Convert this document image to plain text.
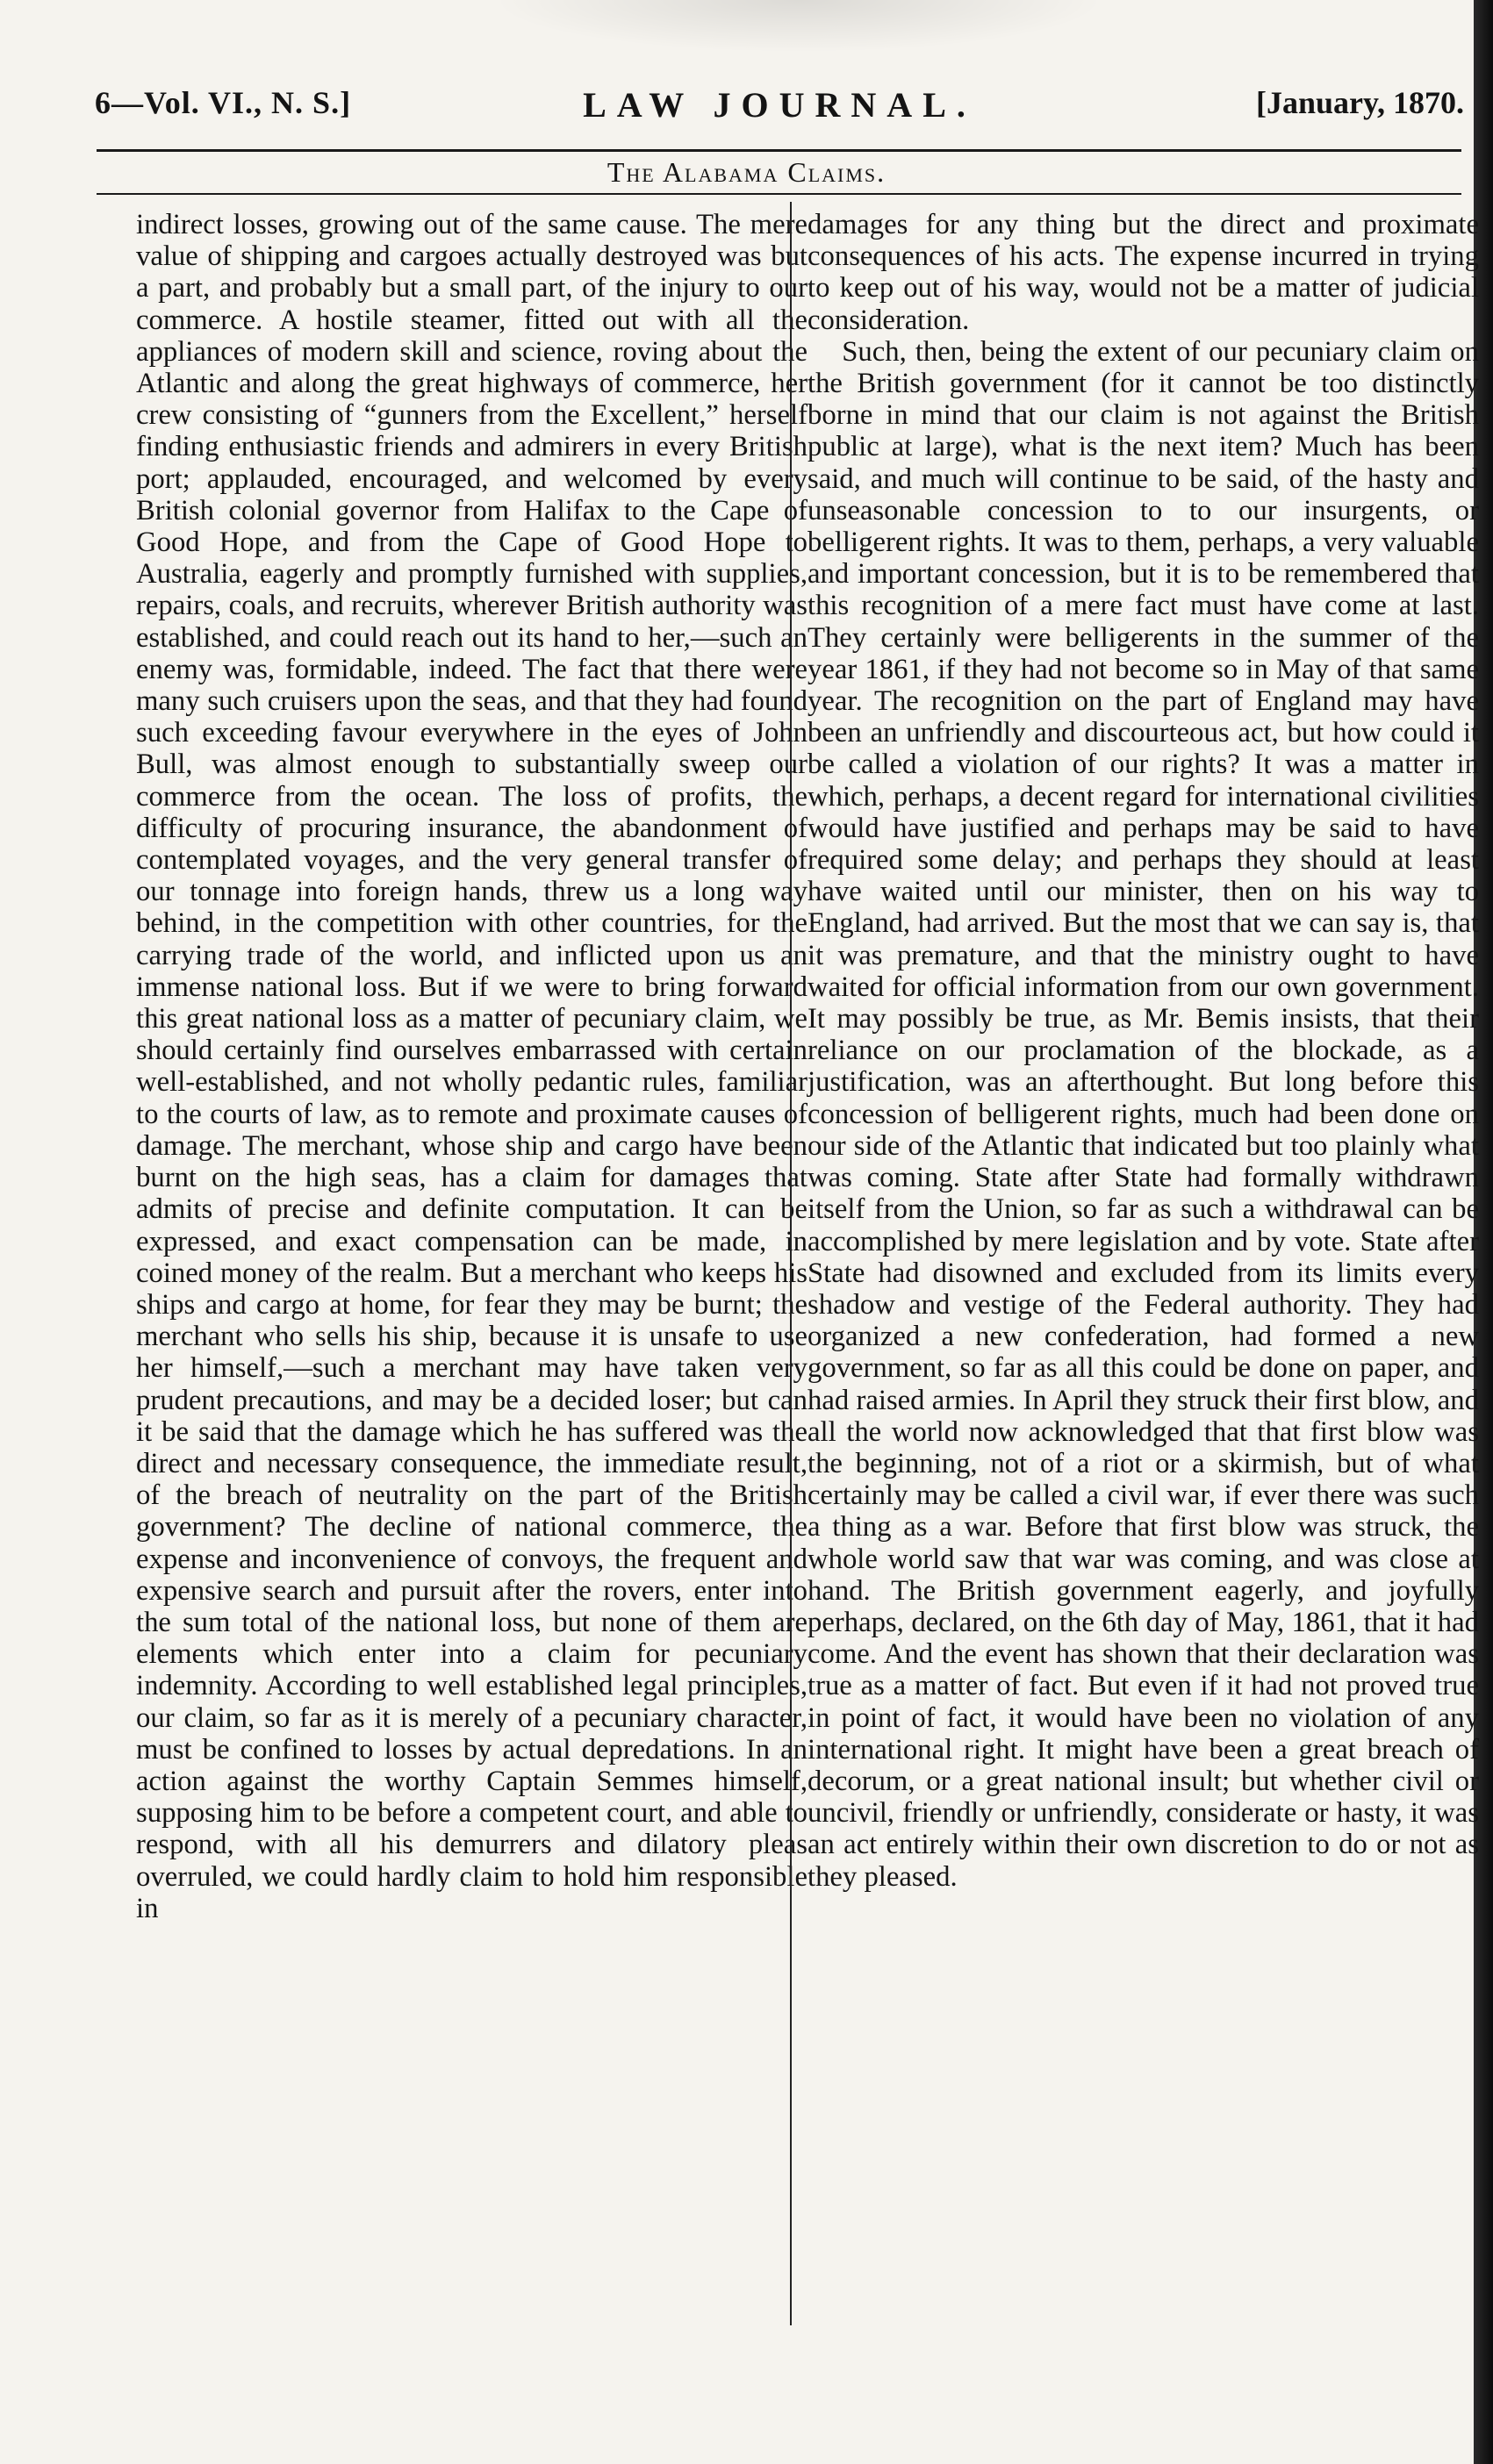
6—Vol. VI., N. S.]	LAW JOURNAL.	[January, 1870.
The Alabama Claims.

indirect losses, growing out of the same cause. The mere value of shipping and cargoes actually destroyed was but a part, and probably but a small part, of the injury to our commerce. A hostile steamer, fitted out with all the appliances of modern skill and science, roving about the Atlantic and along the great highways of commerce, her crew consisting of “gunners from the Excellent,” herself finding enthusiastic friends and admirers in every British port; applauded, encouraged, and welcomed by every British colonial governor from Halifax to the Cape of Good Hope, and from the Cape of Good Hope to Australia, eagerly and promptly furnished with supplies, repairs, coals, and recruits, wherever British authority was established, and could reach out its hand to her,—such an enemy was, formidable, indeed. The fact that there were many such cruisers upon the seas, and that they had found such exceeding favour everywhere in the eyes of John Bull, was almost enough to substantially sweep our commerce from the ocean. The loss of profits, the difficulty of procuring insurance, the abandonment of contemplated voyages, and the very general transfer of our tonnage into foreign hands, threw us a long way behind, in the competition with other countries, for the carrying trade of the world, and inflicted upon us an immense national loss. But if we were to bring forward this great national loss as a matter of pecuniary claim, we should certainly find ourselves embarrassed with certain well-established, and not wholly pedantic rules, familiar to the courts of law, as to remote and proximate causes of damage. The merchant, whose ship and cargo have been burnt on the high seas, has a claim for damages that admits of precise and definite computation. It can be expressed, and exact compensation can be made, in coined money of the realm. But a merchant who keeps his ships and cargo at home, for fear they may be burnt; the merchant who sells his ship, because it is unsafe to use her himself,—such a merchant may have taken very prudent precautions, and may be a decided loser; but can it be said that the damage which he has suffered was the direct and necessary consequence, the immediate result, of the breach of neutrality on the part of the British government? The decline of national commerce, the expense and inconvenience of convoys, the frequent and expensive search and pursuit after the rovers, enter into the sum total of the national loss, but none of them are elements which enter into a claim for pecuniary indemnity. According to well established legal principles, our claim, so far as it is merely of a pecuniary character, must be confined to losses by actual depredations. In an action against the worthy Captain Semmes himself, supposing him to be before a competent court, and able to respond, with all his demurrers and dilatory pleas overruled, we could hardly claim to hold him responsible in

damages for any thing but the direct and proximate consequences of his acts. The expense incurred in trying to keep out of his way, would not be a matter of judicial consideration.

Such, then, being the extent of our pecuniary claim on the British government (for it cannot be too distinctly borne in mind that our claim is not against the British public at large), what is the next item? Much has been said, and much will continue to be said, of the hasty and unseasonable concession to to our insurgents, or belligerent rights. It was to them, perhaps, a very valuable and important concession, but it is to be remembered that this recognition of a mere fact must have come at last. They certainly were belligerents in the summer of the year 1861, if they had not become so in May of that same year. The recognition on the part of England may have been an unfriendly and discourteous act, but how could it be called a violation of our rights? It was a matter in which, perhaps, a decent regard for international civilities would have justified and perhaps may be said to have required some delay; and perhaps they should at least have waited until our minister, then on his way to England, had arrived. But the most that we can say is, that it was premature, and that the ministry ought to have waited for official information from our own government. It may possibly be true, as Mr. Bemis insists, that their reliance on our proclamation of the blockade, as a justification, was an afterthought. But long before this concession of belligerent rights, much had been done on our side of the Atlantic that indicated but too plainly what was coming. State after State had formally withdrawn itself from the Union, so far as such a withdrawal can be accomplished by mere legislation and by vote. State after State had disowned and excluded from its limits every shadow and vestige of the Federal authority. They had organized a new confederation, had formed a new government, so far as all this could be done on paper, and had raised armies. In April they struck their first blow, and all the world now acknowledged that that first blow was the beginning, not of a riot or a skirmish, but of what certainly may be called a civil war, if ever there was such a thing as a war. Before that first blow was struck, the whole world saw that war was coming, and was close at hand. The British government eagerly, and joyfully perhaps, declared, on the 6th day of May, 1861, that it had come. And the event has shown that their declaration was true as a matter of fact. But even if it had not proved true in point of fact, it would have been no violation of any international right. It might have been a great breach of decorum, or a great national insult; but whether civil or uncivil, friendly or unfriendly, considerate or hasty, it was an act entirely within their own discretion to do or not as they pleased.
